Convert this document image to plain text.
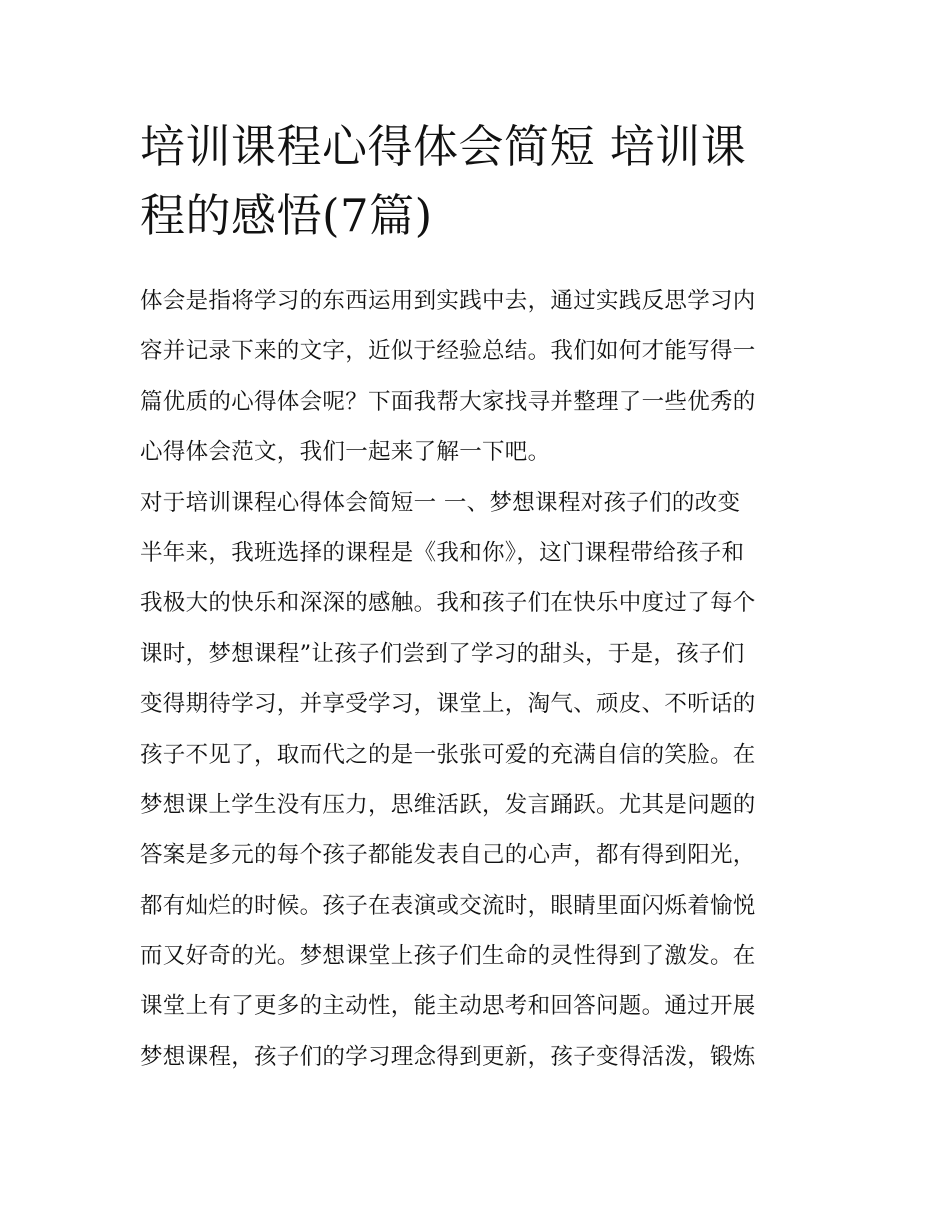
培训课程心得体会简短 培训课
程的感悟(7篇)
体会是指将学习的东西运用到实践中去，通过实践反思学习内
容并记录下来的文字，近似于经验总结。我们如何才能写得一
篇优质的心得体会呢？下面我帮大家找寻并整理了一些优秀的
心得体会范文，我们一起来了解一下吧。
对于培训课程心得体会简短一 一、梦想课程对孩子们的改变
半年来，我班选择的课程是《我和你》，这门课程带给孩子和
我极大的快乐和深深的感触。我和孩子们在快乐中度过了每个
课时，梦想课程”让孩子们尝到了学习的甜头，于是，孩子们
变得期待学习，并享受学习，课堂上，淘气、顽皮、不听话的
孩子不见了，取而代之的是一张张可爱的充满自信的笑脸。在
梦想课上学生没有压力，思维活跃，发言踊跃。尤其是问题的
答案是多元的每个孩子都能发表自己的心声，都有得到阳光，
都有灿烂的时候。孩子在表演或交流时，眼睛里面闪烁着愉悦
而又好奇的光。梦想课堂上孩子们生命的灵性得到了激发。在
课堂上有了更多的主动性，能主动思考和回答问题。通过开展
梦想课程，孩子们的学习理念得到更新，孩子变得活泼，锻炼
